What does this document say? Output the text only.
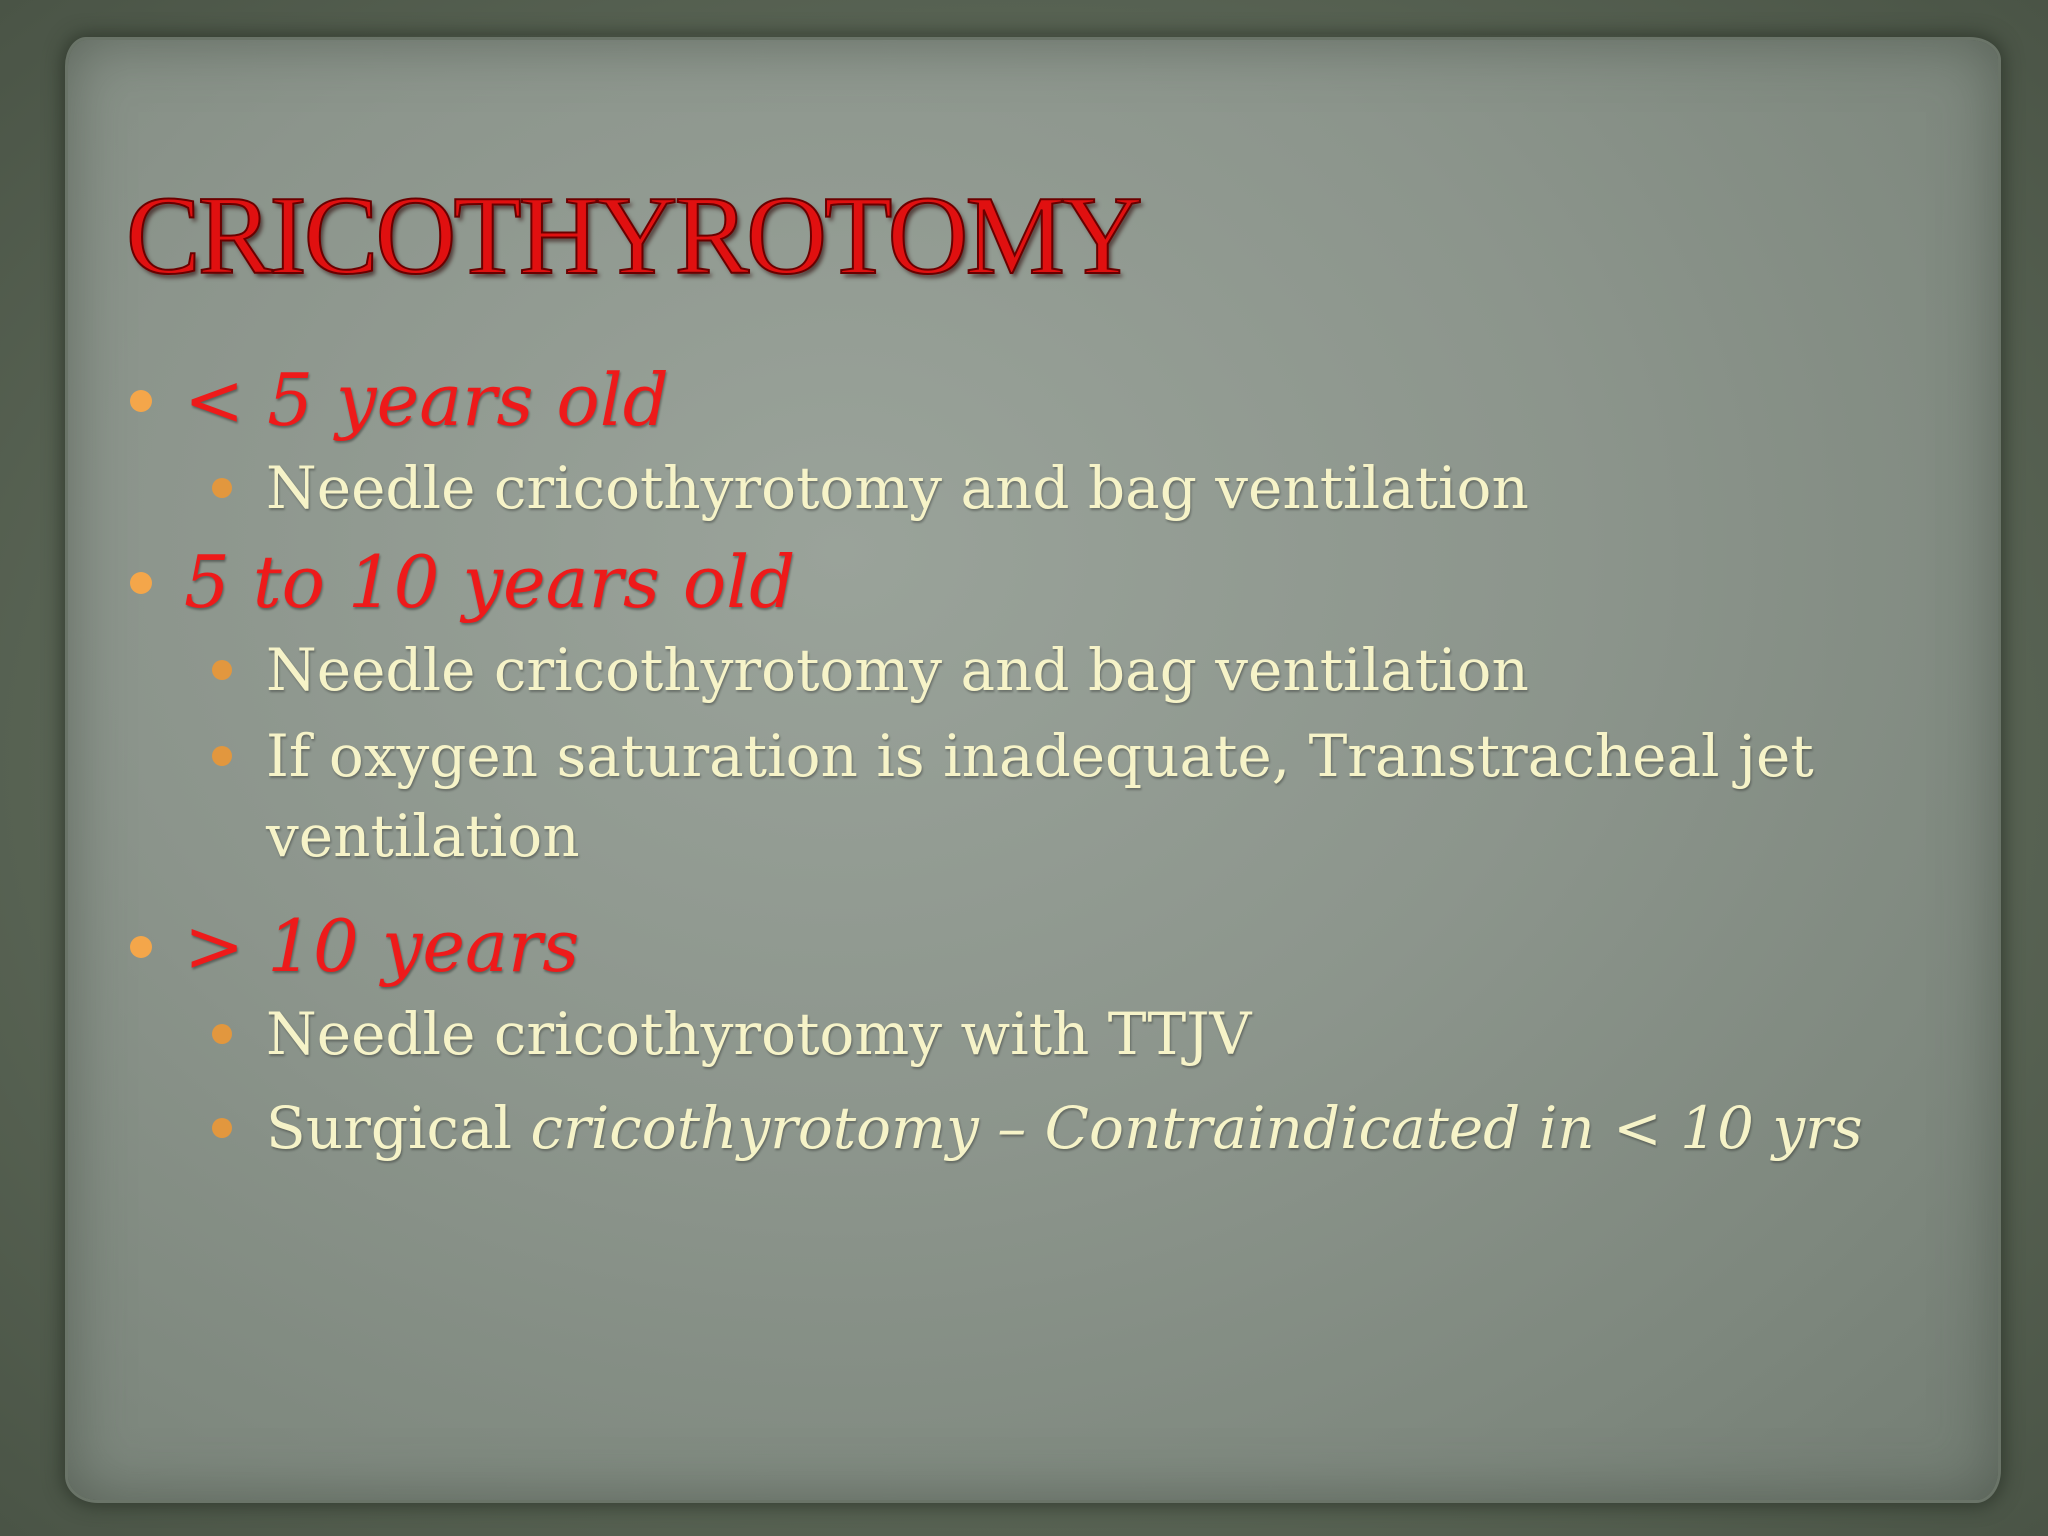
CRICOTHYROTOMY
< 5 years old
Needle cricothyrotomy and bag ventilation
5 to 10 years old
Needle cricothyrotomy and bag ventilation
If oxygen saturation is inadequate, Transtracheal jet ventilation
> 10 years
Needle cricothyrotomy with TTJV
Surgical cricothyrotomy – Contraindicated in < 10 yrs
